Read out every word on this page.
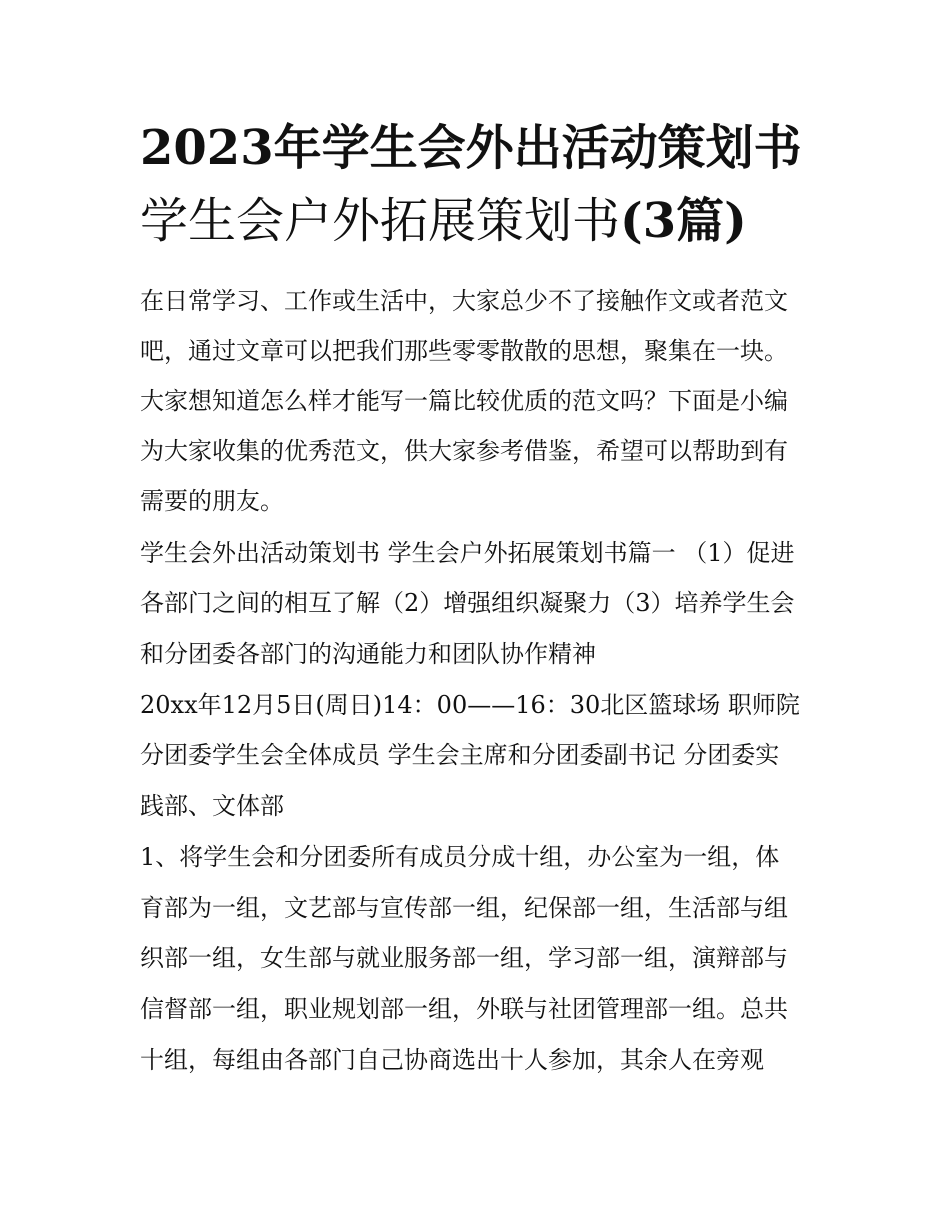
2023年学生会外出活动策划书
学生会户外拓展策划书(3篇)

在日常学习、工作或生活中，大家总少不了接触作文或者范文

吧，通过文章可以把我们那些零零散散的思想，聚集在一块。

大家想知道怎么样才能写一篇比较优质的范文吗？下面是小编

为大家收集的优秀范文，供大家参考借鉴，希望可以帮助到有

需要的朋友。

学生会外出活动策划书 学生会户外拓展策划书篇一 （1）促进

各部门之间的相互了解（2）增强组织凝聚力（3）培养学生会

和分团委各部门的沟通能力和团队协作精神

20xx年12月5日(周日)14：00——16：30北区篮球场 职师院

分团委学生会全体成员 学生会主席和分团委副书记 分团委实

践部、文体部

1、将学生会和分团委所有成员分成十组，办公室为一组，体

育部为一组，文艺部与宣传部一组，纪保部一组，生活部与组

织部一组，女生部与就业服务部一组，学习部一组，演辩部与

信督部一组，职业规划部一组，外联与社团管理部一组。总共

十组，每组由各部门自己协商选出十人参加，其余人在旁观
